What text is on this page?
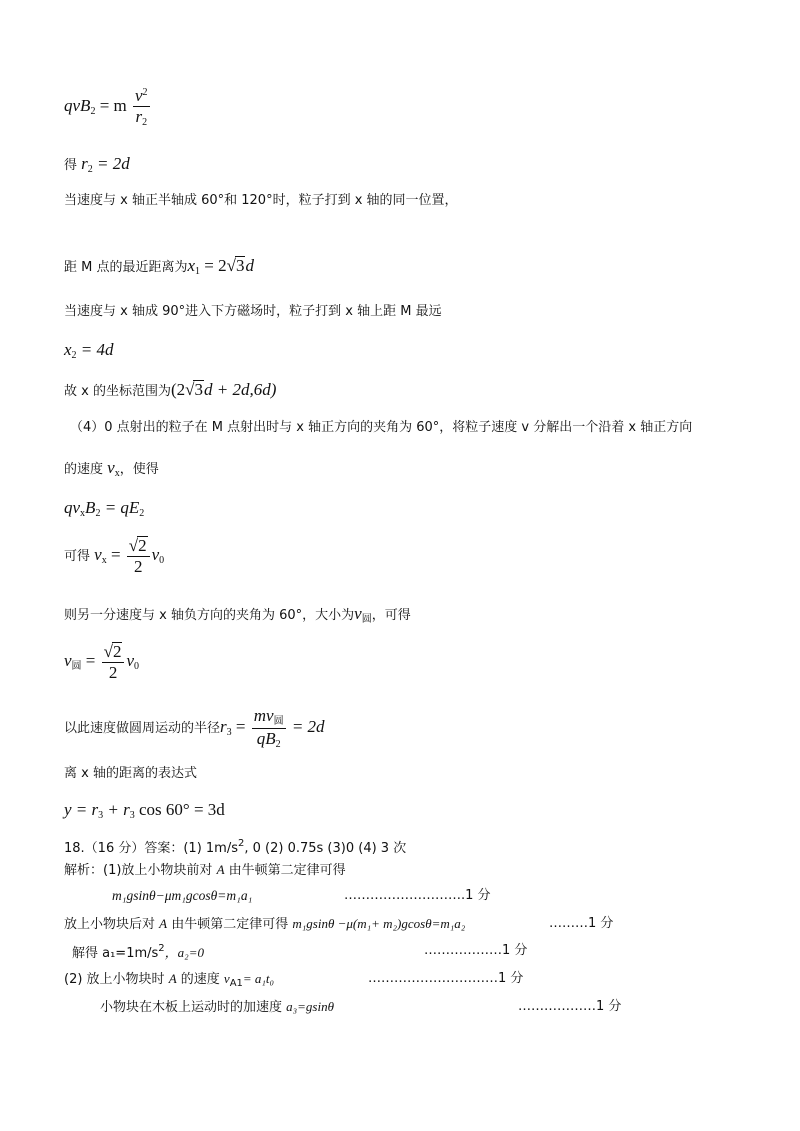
qvB$_2$ = m $\frac{v^2}{r_2}$
得 $r_2 = 2d$
当速度与 x 轴正半轴成 60°和 120°时，粒子打到 x 轴的同一位置，
距 M 点的最近距离为$x_1 = 2√3d$
当速度与 x 轴成 90°进入下方磁场时，粒子打到 x 轴上距 M 最远
$x_2 = 4d$
故 x 的坐标范围为(2√3d + 2d,6d)
（4）0 点射出的粒子在 M 点射出时与 x 轴正方向的夹角为 60°，将粒子速度 v 分解出一个沿着 x 轴正方向
的速度 $v_x$，使得
$qv_xB_2 = qE_2$
可得 $v_x = \frac{√2}{2} v_0$
则另一分速度与 x 轴负方向的夹角为 60°，大小为$v_圆$，可得
$v_圆 = \frac{√2}{2} v_0$
以此速度做圆周运动的半径$r_3 = \frac{mv_圆}{qB_2} = 2d$
离 x 轴的距离的表达式
$y = r_3 + r_3$ cos 60° = 3d
18.（16 分）答案：(1) $1m/s^2$, 0 (2) 0.75s (3)0 (4) 3 次
解析：(1)放上小物块前对 A 由牛顿第二定律可得
m₁gsinθ−μm₁gcosθ=m₁a₁	……………………….1 分
放上小物块后对 A 由牛顿第二定律可得 m₁gsinθ −μ(m₁+ m₂)gcosθ=m₁a₂	………1 分
解得 $a_1=1m/s^2$，a₂=0	………………1 分
(2) 放上小物块时 A 的速度 $v_{A1}= a_1t_0$	…………………………1 分
小物块在木板上运动时的加速度 a₃=gsinθ	………………1 分
